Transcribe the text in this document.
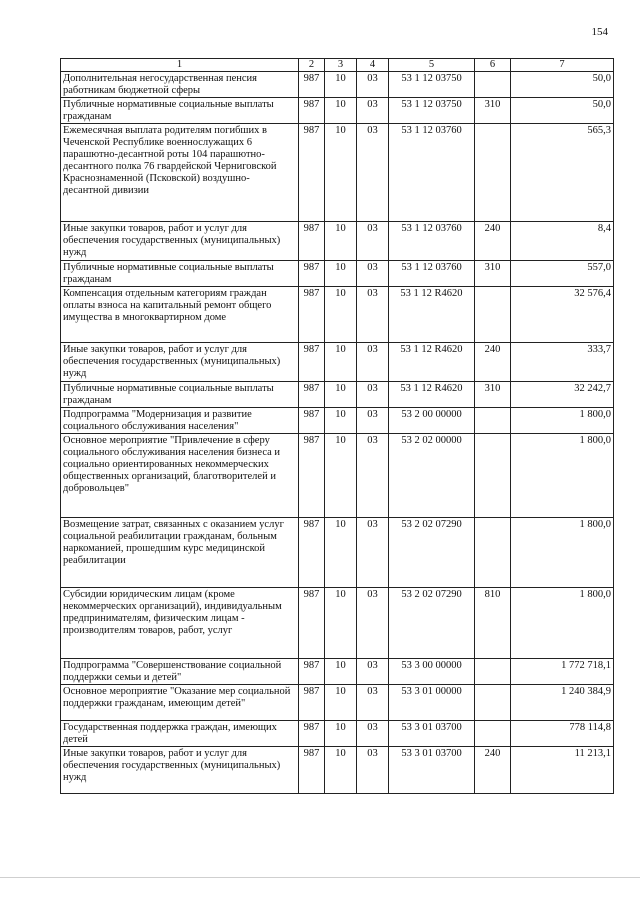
154
1	2	3	4	5	6	7
Дополнительная негосударственная пенсия работникам бюджетной сферы	987	10	03	53 1 12 03750		50,0
Публичные нормативные социальные выплаты гражданам	987	10	03	53 1 12 03750	310	50,0
Ежемесячная выплата родителям погибших в Чеченской Республике военнослужащих 6 парашютно-десантной роты 104 парашютно-десантного полка 76 гвардейской Черниговской Краснознаменной (Псковской) воздушно-десантной дивизии	987	10	03	53 1 12 03760		565,3
Иные закупки товаров, работ и услуг для обеспечения государственных (муниципальных) нужд	987	10	03	53 1 12 03760	240	8,4
Публичные нормативные социальные выплаты гражданам	987	10	03	53 1 12 03760	310	557,0
Компенсация отдельным категориям граждан оплаты взноса на капитальный ремонт общего имущества в многоквартирном доме	987	10	03	53 1 12 R4620		32 576,4
Иные закупки товаров, работ и услуг для обеспечения государственных (муниципальных) нужд	987	10	03	53 1 12 R4620	240	333,7
Публичные нормативные социальные выплаты гражданам	987	10	03	53 1 12 R4620	310	32 242,7
Подпрограмма "Модернизация и развитие социального обслуживания населения"	987	10	03	53 2 00 00000		1 800,0
Основное мероприятие "Привлечение в сферу социального обслуживания населения бизнеса и социально ориентированных некоммерческих общественных организаций, благотворителей и добровольцев"	987	10	03	53 2 02 00000		1 800,0
Возмещение затрат, связанных с оказанием услуг социальной реабилитации гражданам, больным наркоманией, прошедшим курс медицинской реабилитации	987	10	03	53 2 02 07290		1 800,0
Субсидии юридическим лицам (кроме некоммерческих организаций), индивидуальным предпринимателям, физическим лицам - производителям товаров, работ, услуг	987	10	03	53 2 02 07290	810	1 800,0
Подпрограмма "Совершенствование социальной поддержки семьи и детей"	987	10	03	53 3 00 00000		1 772 718,1
Основное мероприятие "Оказание мер социальной поддержки гражданам, имеющим детей"	987	10	03	53 3 01 00000		1 240 384,9
Государственная поддержка граждан, имеющих детей	987	10	03	53 3 01 03700		778 114,8
Иные закупки товаров, работ и услуг для обеспечения государственных (муниципальных) нужд	987	10	03	53 3 01 03700	240	11 213,1
